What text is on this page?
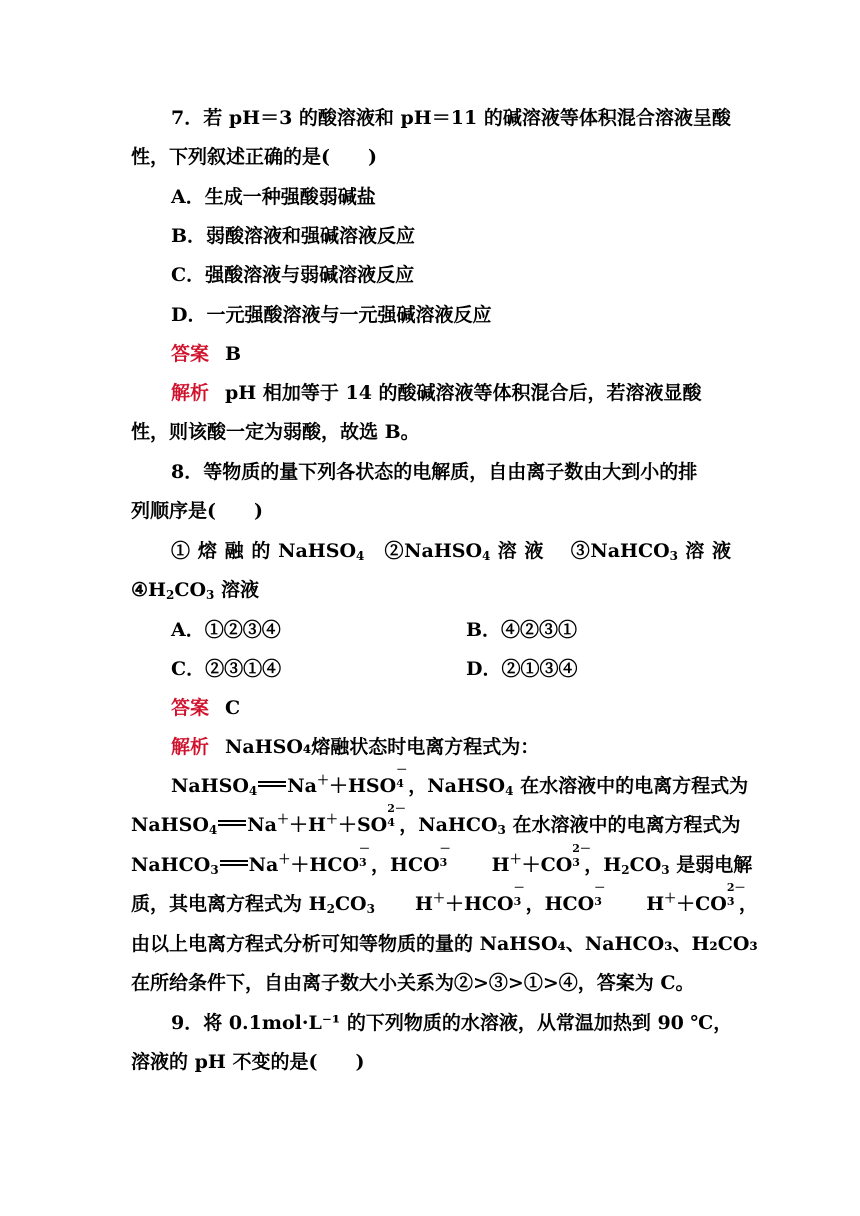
7．若 pH＝3 的酸溶液和 pH＝11 的碱溶液等体积混合溶液呈酸
性，下列叙述正确的是(　　)
A．生成一种强酸弱碱盐
B．弱酸溶液和强碱溶液反应
C．强酸溶液与弱碱溶液反应
D．一元强酸溶液与一元强碱溶液反应
答案 B
解析 pH 相加等于 14 的酸碱溶液等体积混合后，若溶液显酸
性，则该酸一定为弱酸，故选 B。
8．等物质的量下列各状态的电解质，自由离子数由大到小的排
列顺序是(　　)
① 熔 融 的 NaHSO$_4$　②NaHSO$_4$ 溶 液　 ③NaHCO$_3$ 溶 液
$④H_2CO_3$ 溶液
A．①②③④	B．④②③①
C．②③①④	D．②①③④
答案 C
解析 NaHSO₄熔融状态时电离方程式为：
NaHSO$_4$ Na＋＋HSO
－
4 ，NaHSO$_4$ 在水溶液中的电离方程式为
NaHSO$_4$ Na＋＋H＋＋SO
2－
4 ，NaHCO$_3$ 在水溶液中的电离方程式为
NaHCO$_3$ Na＋＋HCO
－
3 ，HCO
－
3 H＋＋CO
2－
3 ，$H_2CO_3$ 是弱电解
质，其电离方程式为 $H_2CO_3$ H＋＋HCO
－
3 ，HCO
－
3 H＋＋CO
2－
3 ，
由以上电离方程式分析可知等物质的量的 NaHSO₄、NaHCO₃、H₂CO₃
在所给条件下，自由离子数大小关系为②>③>①>④，答案为 C。
9．将 0.1mol·L⁻¹ 的下列物质的水溶液，从常温加热到 90 ℃，
溶液的 pH 不变的是(　　)
